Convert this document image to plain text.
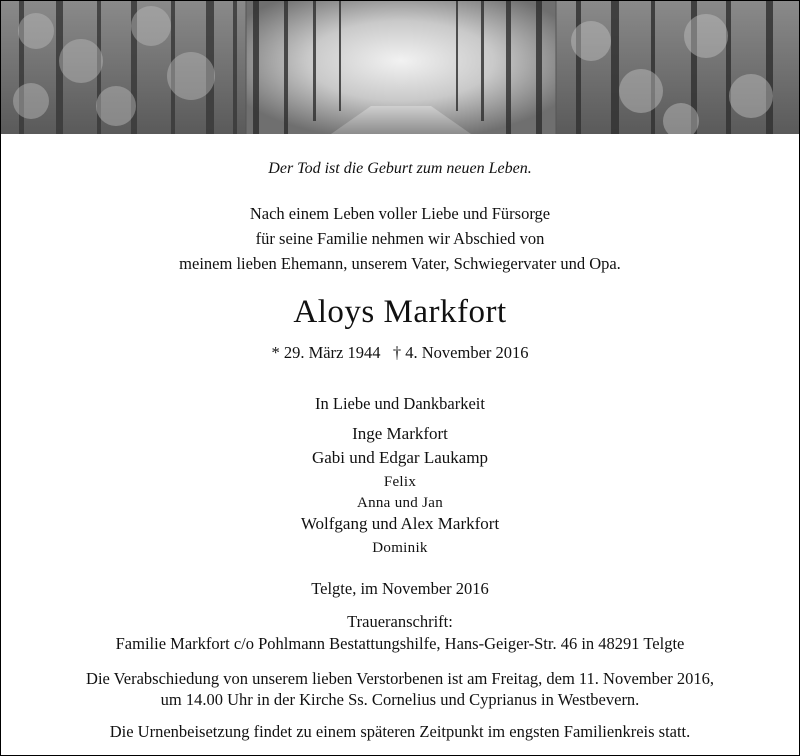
Der Tod ist die Geburt zum neuen Leben.
Nach einem Leben voller Liebe und Fürsorge
für seine Familie nehmen wir Abschied von
meinem lieben Ehemann, unserem Vater, Schwiegervater und Opa.
Aloys Markfort
* 29. März 1944 † 4. November 2016
In Liebe und Dankbarkeit
Inge Markfort
Gabi und Edgar Laukamp
Felix
Anna und Jan
Wolfgang und Alex Markfort
Dominik
Telgte, im November 2016
Traueranschrift:
Familie Markfort c/o Pohlmann Bestattungshilfe, Hans-Geiger-Str. 46 in 48291 Telgte
Die Verabschiedung von unserem lieben Verstorbenen ist am Freitag, dem 11. November 2016,
um 14.00 Uhr in der Kirche Ss. Cornelius und Cyprianus in Westbevern.
Die Urnenbeisetzung findet zu einem späteren Zeitpunkt im engsten Familienkreis statt.
